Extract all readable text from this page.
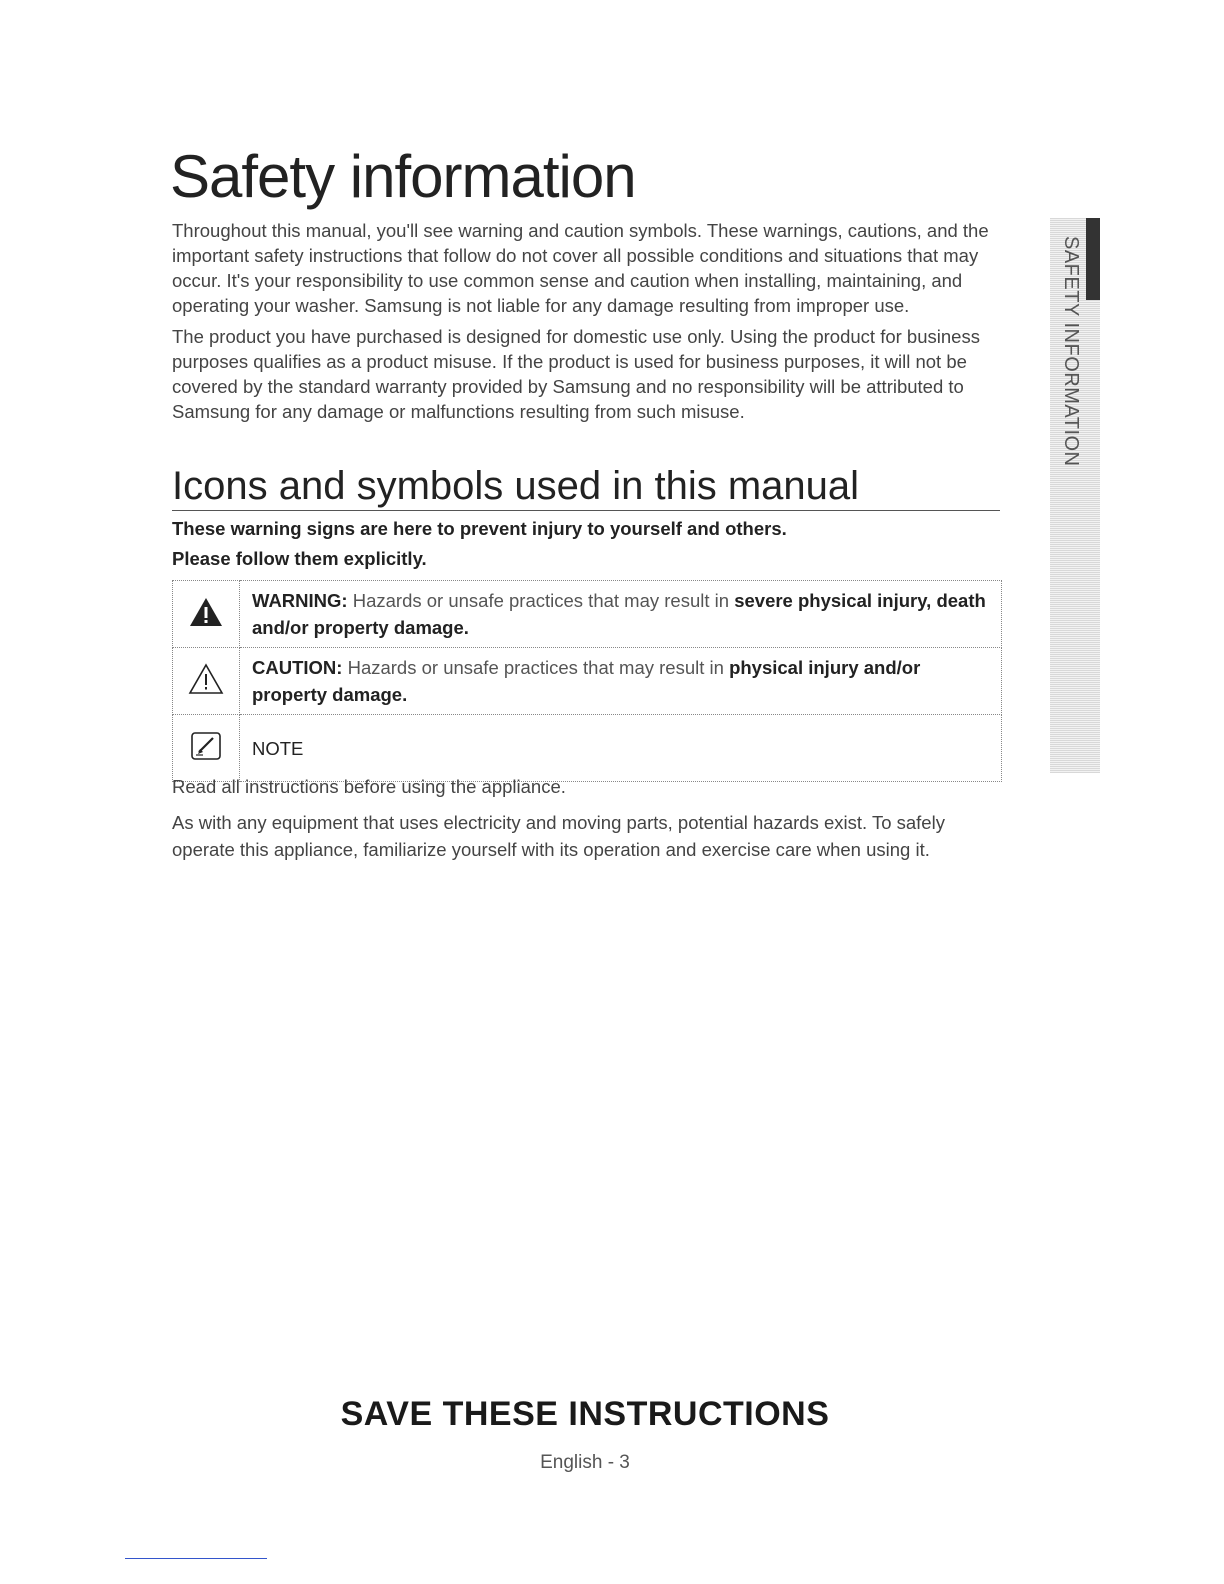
Safety information

Throughout this manual, you'll see warning and caution symbols. These warnings, cautions, and the important safety instructions that follow do not cover all possible conditions and situations that may occur. It's your responsibility to use common sense and caution when installing, maintaining, and operating your washer. Samsung is not liable for any damage resulting from improper use.

The product you have purchased is designed for domestic use only. Using the product for business purposes qualifies as a product misuse. If the product is used for business purposes, it will not be covered by the standard warranty provided by Samsung and no responsibility will be attributed to Samsung for any damage or malfunctions resulting from such misuse.

Icons and symbols used in this manual

These warning signs are here to prevent injury to yourself and others.

Please follow them explicitly.

	WARNING: Hazards or unsafe practices that may result in severe physical injury, death and/or property damage.
	CAUTION: Hazards or unsafe practices that may result in physical injury and/or property damage.
	NOTE

Read all instructions before using the appliance.

As with any equipment that uses electricity and moving parts, potential hazards exist. To safely operate this appliance, familiarize yourself with its operation and exercise care when using it.

SAFETY INFORMATION
SAVE THESE INSTRUCTIONS
English - 3
